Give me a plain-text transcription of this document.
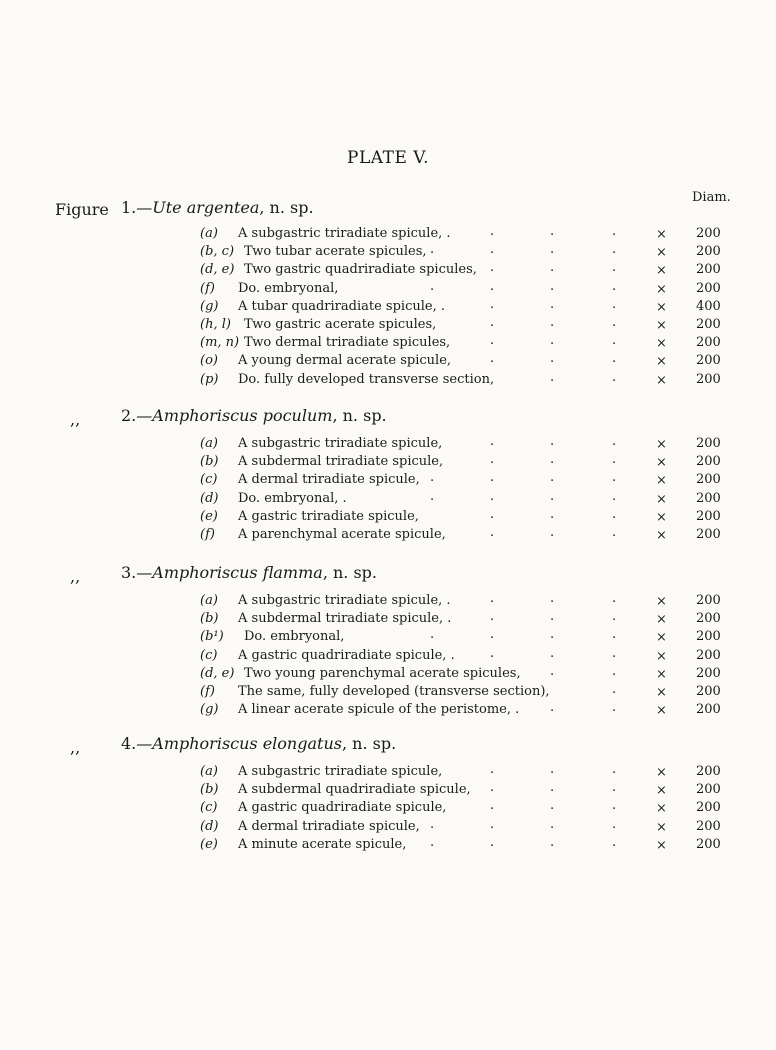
PLATE V.
Diam.
Figure 1.—Ute argentea, n. sp.
(a) A subgastric triradiate spicule, .	.	.	.	× 200
(b, c) Two tubar acerate spicules, .	.	.	.	× 200
(d, e) Two gastric quadriradiate spicules, .	.	.	× 200
(f) Do. embryonal,	.	.	.	.	× 200
(g) A tubar quadriradiate spicule, .	.	.	.	× 400
(h, l) Two gastric acerate spicules,	.	.	.	× 200
(m, n) Two dermal triradiate spicules,	.	.	.	× 200
(o) A young dermal acerate spicule,	.	.	.	× 200
(p) Do. fully developed transverse section,	.	.	× 200
,,	2.—Amphoriscus poculum, n. sp.
(a) A subgastric triradiate spicule,	.	.	.	× 200
(b) A subdermal triradiate spicule,	.	.	.	× 200
(c) A dermal triradiate spicule, .	.	.	.	× 200
(d) Do. embryonal, .	.	.	.	.	× 200
(e) A gastric triradiate spicule,	.	.	.	× 200
(f) A parenchymal acerate spicule,	.	.	.	× 200
,,	3.—Amphoriscus flamma, n. sp.
(a) A subgastric triradiate spicule, .	.	.	.	× 200
(b) A subdermal triradiate spicule, .	.	.	.	× 200
(b¹) Do. embryonal,	.	.	.	.	× 200
(c) A gastric quadriradiate spicule, .	.	.	.	× 200
(d, e) Two young parenchymal acerate spicules, .	.	× 200
(f) The same, fully developed (transverse section),	.	× 200
(g) A linear acerate spicule of the peristome, . .	.	× 200
,,	4.—Amphoriscus elongatus, n. sp.
(a) A subgastric triradiate spicule,	.	.	.	× 200
(b) A subdermal quadriradiate spicule, .	.	.	× 200
(c) A gastric quadriradiate spicule,	.	.	.	× 200
(d) A dermal triradiate spicule, .	.	.	.	× 200
(e) A minute acerate spicule, .	.	.	.	× 200
